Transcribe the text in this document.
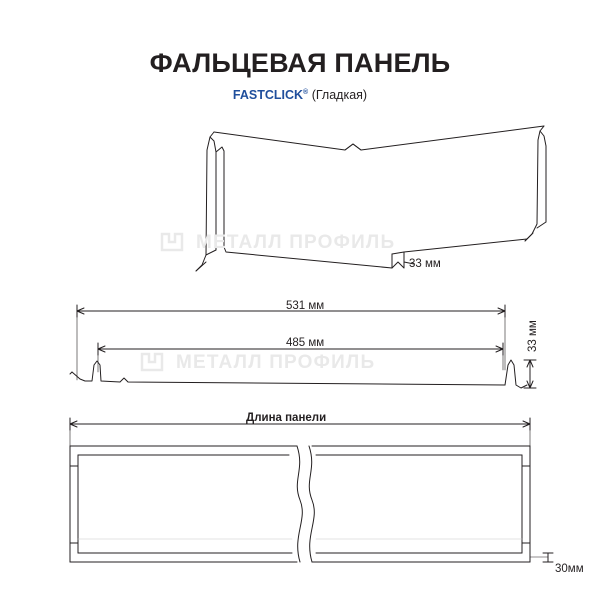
ФАЛЬЦЕВАЯ ПАНЕЛЬ
FASTCLICK® (Гладкая)
МЕТАЛЛ ПРОФИЛЬ
МЕТАЛЛ ПРОФИЛЬ
33 мм
531 мм
485 мм	33 мм
Длина панели
30мм
